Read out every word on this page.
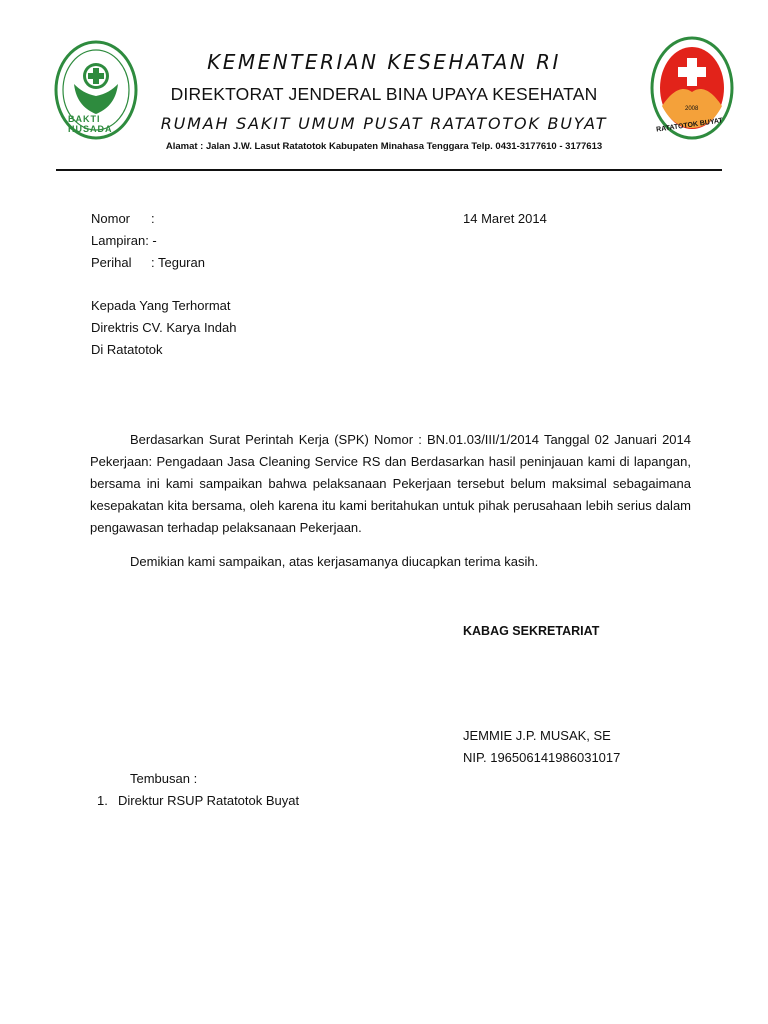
BAKTI HUSADA
2008
RATATOTOK BUYAT
KEMENTERIAN KESEHATAN RI
DIREKTORAT JENDERAL BINA UPAYA KESEHATAN
RUMAH SAKIT UMUM PUSAT RATATOTOK BUYAT
Alamat : Jalan J.W. Lasut Ratatotok Kabupaten Minahasa Tenggara Telp. 0431-3177610 - 3177613
Nomor :
Lampiran: -
Perihal : Teguran
14 Maret 2014
Kepada Yang Terhormat
Direktris CV. Karya Indah
Di Ratatotok
Berdasarkan Surat Perintah Kerja (SPK) Nomor : BN.01.03/III/1/2014 Tanggal 02 Januari 2014 Pekerjaan: Pengadaan Jasa Cleaning Service RS dan Berdasarkan hasil peninjauan kami di lapangan, bersama ini kami sampaikan bahwa pelaksanaan Pekerjaan tersebut belum maksimal sebagaimana kesepakatan kita bersama, oleh karena itu kami beritahukan untuk pihak perusahaan lebih serius dalam pengawasan terhadap pelaksanaan Pekerjaan.
Demikian kami sampaikan, atas kerjasamanya diucapkan terima kasih.
KABAG SEKRETARIAT
JEMMIE J.P. MUSAK, SE
NIP. 196506141986031017
Tembusan :
1. Direktur RSUP Ratatotok Buyat
